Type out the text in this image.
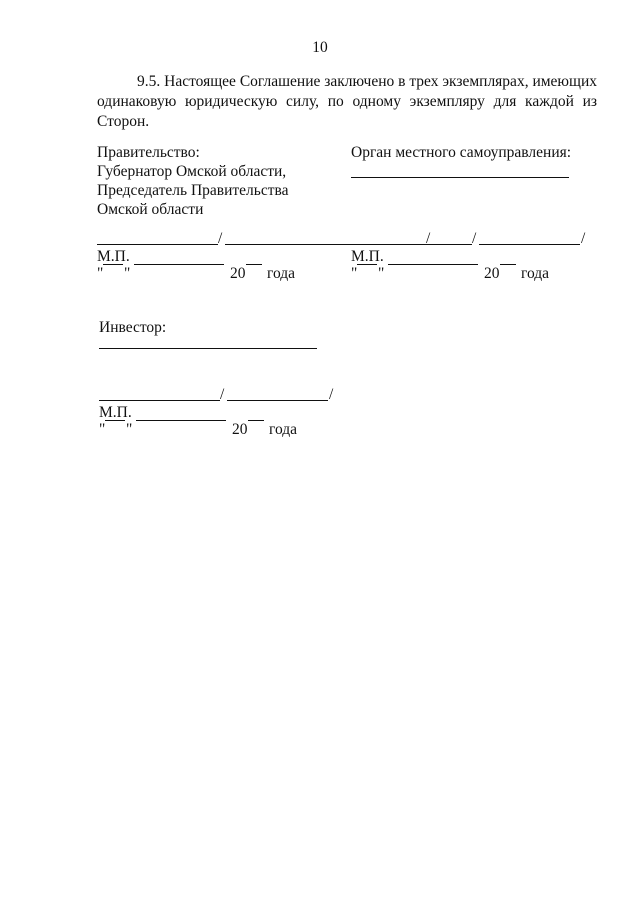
10
9.5. Настоящее Соглашение заключено в трех экземплярах, имеющих одинаковую юридическую силу, по одному экземпляру для каждой из Сторон.
Правительство:
Губернатор Омской области,
Председатель Правительства
Омской области

/

	/

М.П.

"

"

	20

года

Орган местного самоуправления:

/

	/

М.П.

"

"

	20

года

Инвестор:

/

	/

М.П.

"

"

	20

года
